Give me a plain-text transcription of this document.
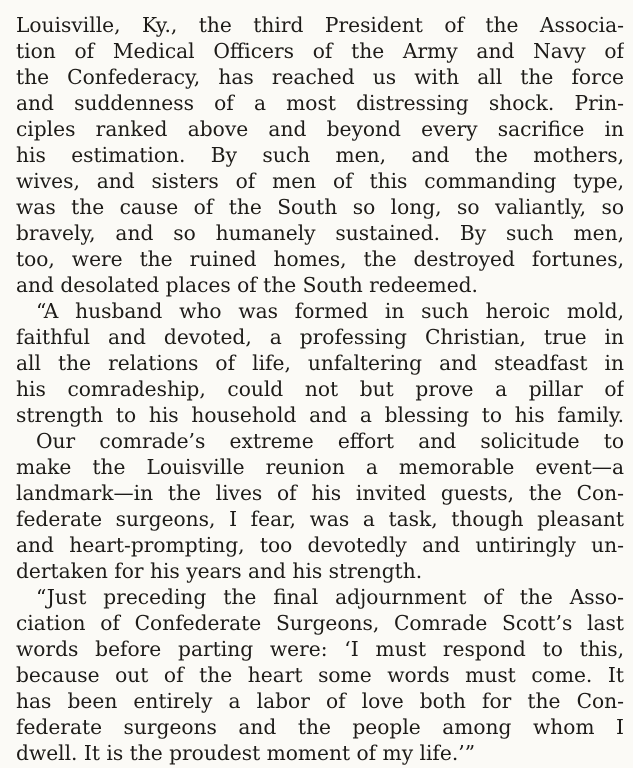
Louisville, Ky., the third President of the Associa-
tion of Medical Officers of the Army and Navy of
the Confederacy, has reached us with all the force
and suddenness of a most distressing shock. Prin-
ciples ranked above and beyond every sacrifice in
his estimation. By such men, and the mothers,
wives, and sisters of men of this commanding type,
was the cause of the South so long, so valiantly, so
bravely, and so humanely sustained. By such men,
too, were the ruined homes, the destroyed fortunes,
and desolated places of the South redeemed.
“A husband who was formed in such heroic mold,
faithful and devoted, a professing Christian, true in
all the relations of life, unfaltering and steadfast in
his comradeship, could not but prove a pillar of
strength to his household and a blessing to his family.
Our comrade’s extreme effort and solicitude to
make the Louisville reunion a memorable event—a
landmark—in the lives of his invited guests, the Con-
federate surgeons, I fear, was a task, though pleasant
and heart-prompting, too devotedly and untiringly un-
dertaken for his years and his strength.
“Just preceding the final adjournment of the Asso-
ciation of Confederate Surgeons, Comrade Scott’s last
words before parting were: ‘I must respond to this,
because out of the heart some words must come. It
has been entirely a labor of love both for the Con-
federate surgeons and the people among whom I
dwell. It is the proudest moment of my life.’”
